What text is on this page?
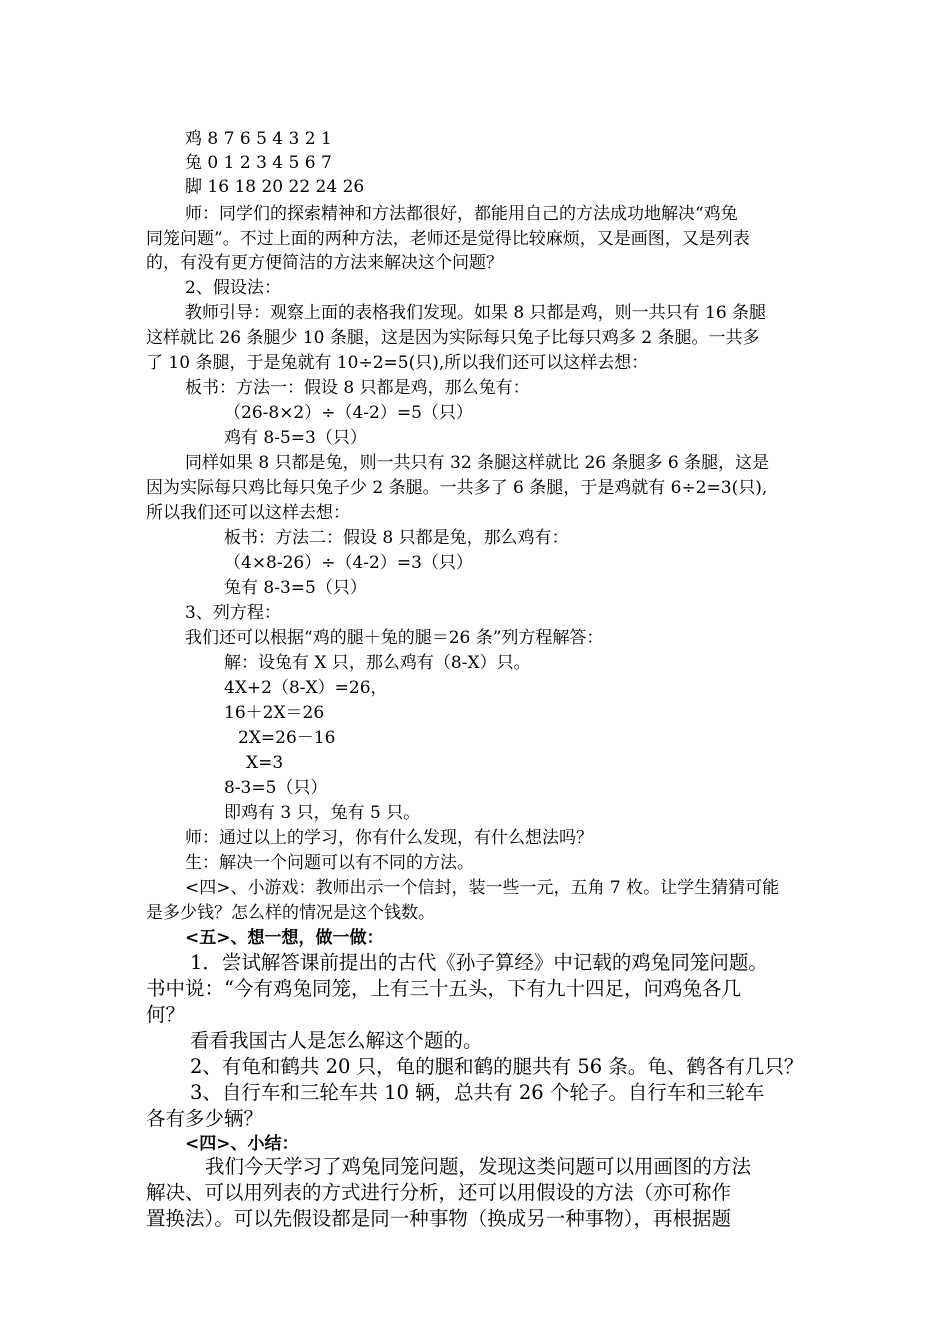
鸡 8 7 6 5 4 3 2 1
兔 0 1 2 3 4 5 6 7
脚 16 18 20 22 24 26
师：同学们的探索精神和方法都很好，都能用自己的方法成功地解决“鸡兔
同笼问题”。不过上面的两种方法，老师还是觉得比较麻烦，又是画图，又是列表
的，有没有更方便简洁的方法来解决这个问题？
2、假设法：
教师引导：观察上面的表格我们发现。如果 8 只都是鸡，则一共只有 16 条腿
这样就比 26 条腿少 10 条腿，这是因为实际每只兔子比每只鸡多 2 条腿。一共多
了 10 条腿，于是兔就有 10÷2=5(只),所以我们还可以这样去想：
板书：方法一：假设 8 只都是鸡，那么兔有：
（26-8×2）÷（4-2）=5（只）
鸡有 8-5=3（只）
同样如果 8 只都是兔，则一共只有 32 条腿这样就比 26 条腿多 6 条腿，这是
因为实际每只鸡比每只兔子少 2 条腿。一共多了 6 条腿，于是鸡就有 6÷2=3(只),
所以我们还可以这样去想：
板书：方法二：假设 8 只都是兔，那么鸡有：
（4×8-26）÷（4-2）=3（只）
兔有 8-3=5（只）
3、列方程：
我们还可以根据“鸡的腿＋兔的腿＝26 条”列方程解答：
解：设兔有 X 只，那么鸡有（8-X）只。
4X+2（8-X）=26，
16＋2X＝26
2X=26－16
X=3
8-3=5（只）
即鸡有 3 只，兔有 5 只。
师：通过以上的学习，你有什么发现，有什么想法吗？
生：解决一个问题可以有不同的方法。
<四>、小游戏：教师出示一个信封，装一些一元，五角 7 枚。让学生猜猜可能
是多少钱？怎么样的情况是这个钱数。
<五>、想一想，做一做：
1．尝试解答课前提出的古代《孙子算经》中记载的鸡兔同笼问题。
书中说：“今有鸡兔同笼，上有三十五头，下有九十四足，问鸡兔各几
何？
看看我国古人是怎么解这个题的。
2、有龟和鹤共 20 只，龟的腿和鹤的腿共有 56 条。龟、鹤各有几只？
3、自行车和三轮车共 10 辆，总共有 26 个轮子。自行车和三轮车
各有多少辆？
<四>、小结：
我们今天学习了鸡兔同笼问题，发现这类问题可以用画图的方法
解决、可以用列表的方式进行分析，还可以用假设的方法（亦可称作
置换法）。可以先假设都是同一种事物（换成另一种事物），再根据题
